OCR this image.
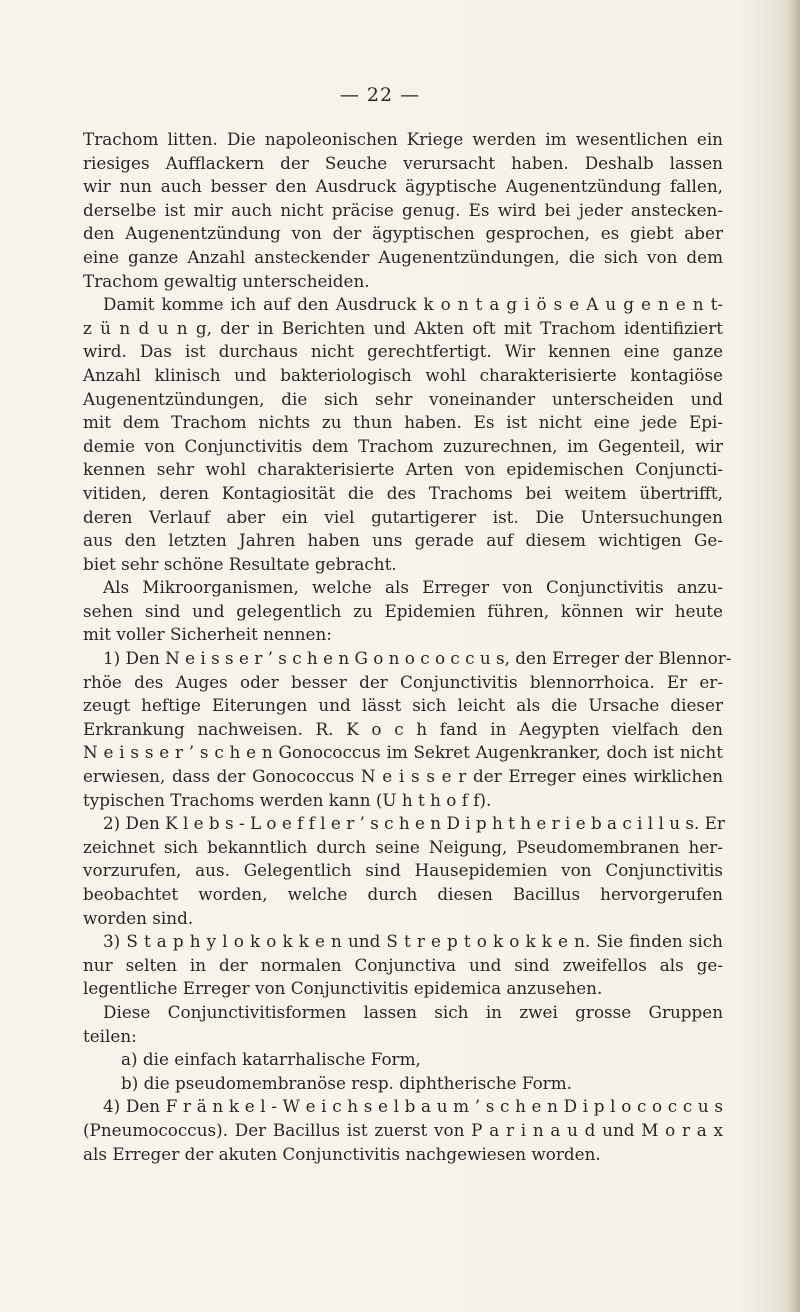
— 22 —
Trachom litten. Die napoleonischen Kriege werden im wesentlichen ein
riesiges Aufflackern der Seuche verursacht haben. Deshalb lassen
wir nun auch besser den Ausdruck ägyptische Augenentzündung fallen,
derselbe ist mir auch nicht präcise genug. Es wird bei jeder anstecken-
den Augenentzündung von der ägyptischen gesprochen, es giebt aber
eine ganze Anzahl ansteckender Augenentzündungen, die sich von dem
Trachom gewaltig unterscheiden.
Damit komme ich auf den Ausdruck k o n t a g i ö s e A u g e n e n t-
z ü n d u n g, der in Berichten und Akten oft mit Trachom identifiziert
wird. Das ist durchaus nicht gerechtfertigt. Wir kennen eine ganze
Anzahl klinisch und bakteriologisch wohl charakterisierte kontagiöse
Augenentzündungen, die sich sehr voneinander unterscheiden und
mit dem Trachom nichts zu thun haben. Es ist nicht eine jede Epi-
demie von Conjunctivitis dem Trachom zuzurechnen, im Gegenteil, wir
kennen sehr wohl charakterisierte Arten von epidemischen Conjuncti-
vitiden, deren Kontagiosität die des Trachoms bei weitem übertrifft,
deren Verlauf aber ein viel gutartigerer ist. Die Untersuchungen
aus den letzten Jahren haben uns gerade auf diesem wichtigen Ge-
biet sehr schöne Resultate gebracht.
Als Mikroorganismen, welche als Erreger von Conjunctivitis anzu-
sehen sind und gelegentlich zu Epidemien führen, können wir heute
mit voller Sicherheit nennen:
1) Den N e i s s e r ’ s c h e n G o n o c o c c u s, den Erreger der Blennor-
rhöe des Auges oder besser der Conjunctivitis blennorrhoica. Er er-
zeugt heftige Eiterungen und lässt sich leicht als die Ursache dieser
Erkrankung nachweisen. R. K o c h fand in Aegypten vielfach den
N e i s s e r ’ s c h e n Gonococcus im Sekret Augenkranker, doch ist nicht
erwiesen, dass der Gonococcus N e i s s e r der Erreger eines wirklichen
typischen Trachoms werden kann (U h t h o f f).
2) Den K l e b s - L o e f f l e r ’ s c h e n D i p h t h e r i e b a c i l l u s. Er
zeichnet sich bekanntlich durch seine Neigung, Pseudomembranen her-
vorzurufen, aus. Gelegentlich sind Hausepidemien von Conjunctivitis
beobachtet worden, welche durch diesen Bacillus hervorgerufen
worden sind.
3) S t a p h y l o k o k k e n und S t r e p t o k o k k e n. Sie finden sich
nur selten in der normalen Conjunctiva und sind zweifellos als ge-
legentliche Erreger von Conjunctivitis epidemica anzusehen.
Diese Conjunctivitisformen lassen sich in zwei grosse Gruppen
teilen:
a) die einfach katarrhalische Form,
b) die pseudomembranöse resp. diphtherische Form.
4) Den F r ä n k e l - W e i c h s e l b a u m ’ s c h e n D i p l o c o c c u s
(Pneumococcus). Der Bacillus ist zuerst von P a r i n a u d und M o r a x
als Erreger der akuten Conjunctivitis nachgewiesen worden.
